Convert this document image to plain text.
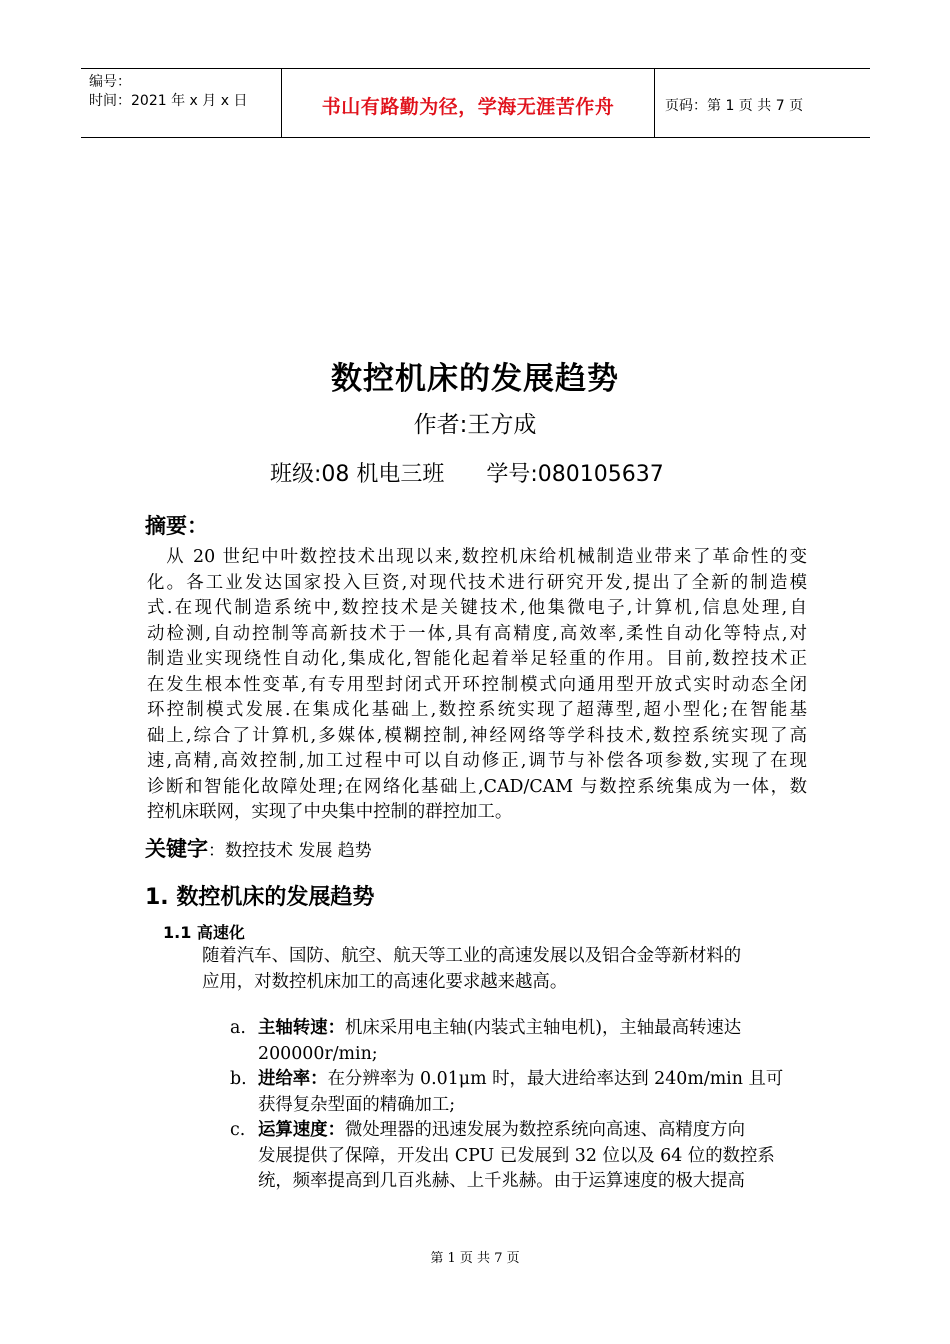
编号：
时间：2021 年 x 月 x 日	书山有路勤为径，学海无涯苦作舟	页码：第 1 页 共 7 页
数控机床的发展趋势
作者:王方成
班级:08 机电三班      学号:080105637
摘要：
　从 20 世纪中叶数控技术出现以来,数控机床给机械制造业带来了革命性的变
化。各工业发达国家投入巨资,对现代技术进行研究开发,提出了全新的制造模
式.在现代制造系统中,数控技术是关键技术,他集微电子,计算机,信息处理,自
动检测,自动控制等高新技术于一体,具有高精度,高效率,柔性自动化等特点,对
制造业实现绕性自动化,集成化,智能化起着举足轻重的作用。目前,数控技术正
在发生根本性变革,有专用型封闭式开环控制模式向通用型开放式实时动态全闭
环控制模式发展.在集成化基础上,数控系统实现了超薄型,超小型化;在智能基
础上,综合了计算机,多媒体,模糊控制,神经网络等学科技术,数控系统实现了高
速,高精,高效控制,加工过程中可以自动修正,调节与补偿各项参数,实现了在现
诊断和智能化故障处理;在网络化基础上,CAD/CAM 与数控系统集成为一体，数
控机床联网，实现了中央集中控制的群控加工。
关键字：数控技术 发展 趋势
1. 数控机床的发展趋势
1.1 高速化
随着汽车、国防、航空、航天等工业的高速发展以及铝合金等新材料的
应用，对数控机床加工的高速化要求越来越高。
a. 主轴转速：机床采用电主轴(内装式主轴电机)，主轴最高转速达
200000r/min;
b. 进给率：在分辨率为 0.01μm 时，最大进给率达到 240m/min 且可
获得复杂型面的精确加工;
c. 运算速度：微处理器的迅速发展为数控系统向高速、高精度方向
发展提供了保障，开发出 CPU 已发展到 32 位以及 64 位的数控系
统，频率提高到几百兆赫、上千兆赫。由于运算速度的极大提高
第 1 页 共 7 页
